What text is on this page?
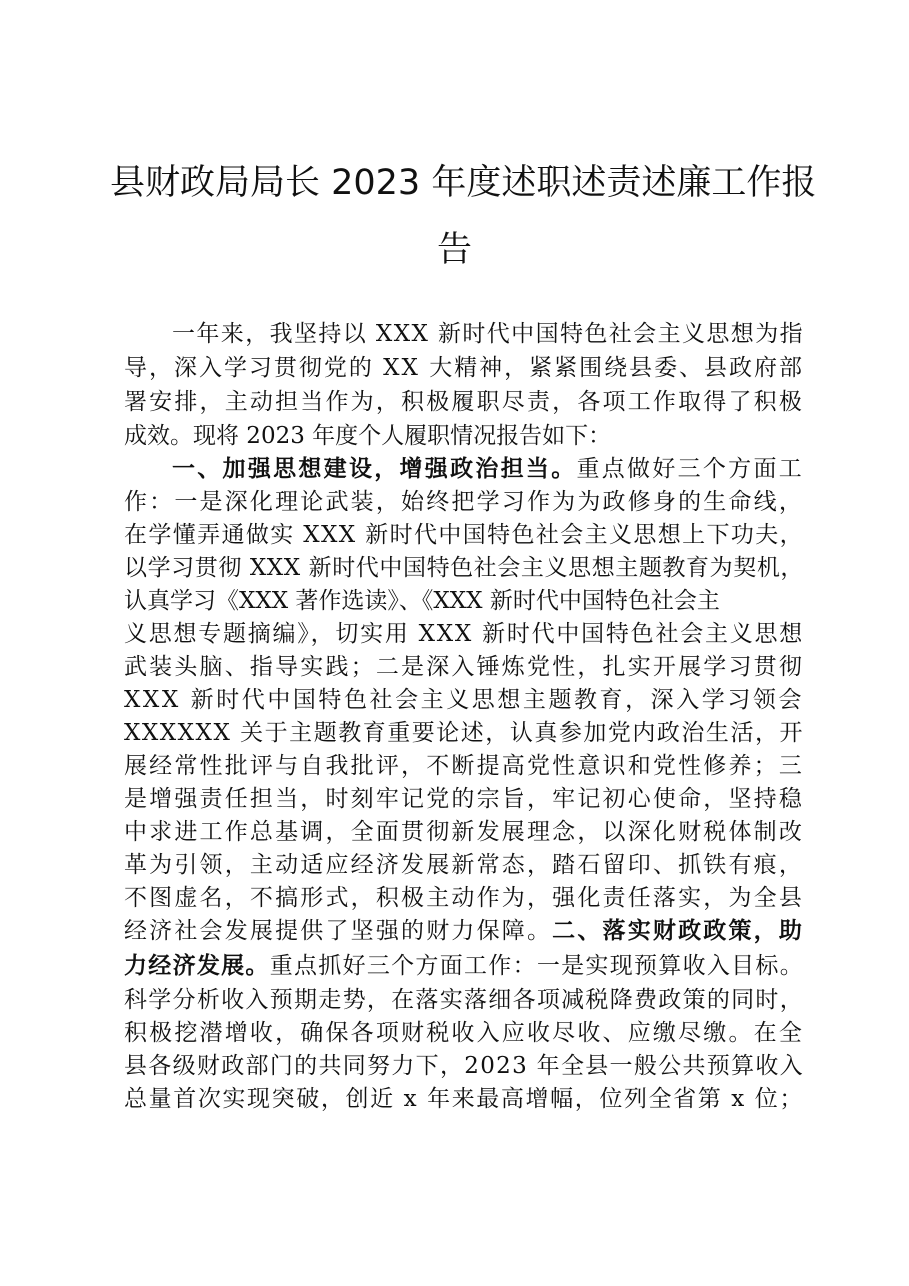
县财政局局长 2023 年度述职述责述廉工作报
告
一年来，我坚持以 XXX 新时代中国特色社会主义思想为指
导，深入学习贯彻党的 XX 大精神，紧紧围绕县委、县政府部
署安排，主动担当作为，积极履职尽责，各项工作取得了积极
成效。现将 2023 年度个人履职情况报告如下：
一、加强思想建设，增强政治担当。重点做好三个方面工
作：一是深化理论武装，始终把学习作为为政修身的生命线，
在学懂弄通做实 XXX 新时代中国特色社会主义思想上下功夫，
以学习贯彻 XXX 新时代中国特色社会主义思想主题教育为契机，
认真学习《XXX 著作选读》、《XXX 新时代中国特色社会主
义思想专题摘编》，切实用 XXX 新时代中国特色社会主义思想
武装头脑、指导实践；二是深入锤炼党性，扎实开展学习贯彻
XXX 新时代中国特色社会主义思想主题教育，深入学习领会
XXXXXX 关于主题教育重要论述，认真参加党内政治生活，开
展经常性批评与自我批评，不断提高党性意识和党性修养；三
是增强责任担当，时刻牢记党的宗旨，牢记初心使命，坚持稳
中求进工作总基调，全面贯彻新发展理念，以深化财税体制改
革为引领，主动适应经济发展新常态，踏石留印、抓铁有痕，
不图虚名，不搞形式，积极主动作为，强化责任落实，为全县
经济社会发展提供了坚强的财力保障。二、落实财政政策，助
力经济发展。重点抓好三个方面工作：一是实现预算收入目标。
科学分析收入预期走势，在落实落细各项减税降费政策的同时，
积极挖潜增收，确保各项财税收入应收尽收、应缴尽缴。在全
县各级财政部门的共同努力下，2023 年全县一般公共预算收入
总量首次实现突破，创近 x 年来最高增幅，位列全省第 x 位；
